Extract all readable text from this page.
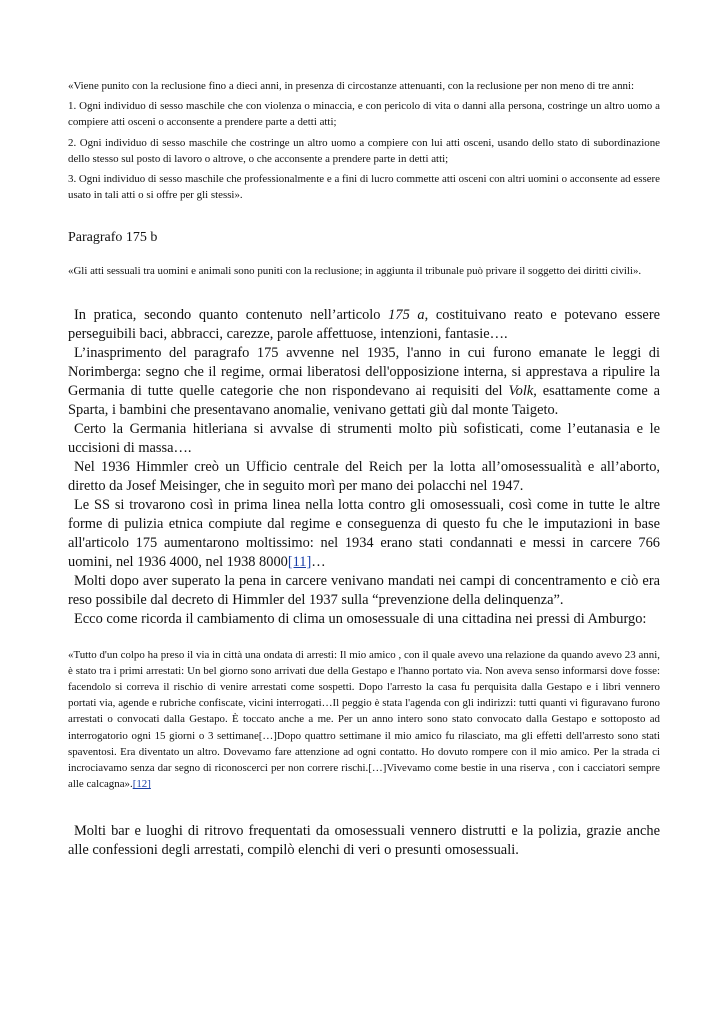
«Viene punito con la reclusione fino a dieci anni, in presenza di circostanze attenuanti, con la reclusione per non meno di tre anni:

1. Ogni individuo di sesso maschile che con violenza o minaccia, e con pericolo di vita o danni alla persona, costringe un altro uomo a compiere atti osceni o acconsente a prendere parte a detti atti;

2. Ogni individuo di sesso maschile che costringe un altro uomo a compiere con lui atti osceni, usando dello stato di subordinazione dello stesso sul posto di lavoro o altrove, o che acconsente a prendere parte in detti atti;

3. Ogni individuo di sesso maschile che professionalmente e a fini di lucro commette atti osceni con altri uomini o acconsente ad essere usato in tali atti o si offre per gli stessi».

Paragrafo 175 b

«Gli atti sessuali tra uomini e animali sono puniti con la reclusione; in aggiunta il tribunale può privare il soggetto dei diritti civili».

In pratica, secondo quanto contenuto nell’articolo 175 a, costituivano reato e potevano essere perseguibili baci, abbracci, carezze, parole affettuose, intenzioni, fantasie….

L’inasprimento del paragrafo 175 avvenne nel 1935, l'anno in cui furono emanate le leggi di Norimberga: segno che il regime, ormai liberatosi dell'opposizione interna, si apprestava a ripulire la Germania di tutte quelle categorie che non rispondevano ai requisiti del Volk, esattamente come a Sparta, i bambini che presentavano anomalie, venivano gettati giù dal monte Taigeto.

Certo la Germania hitleriana si avvalse di strumenti molto più sofisticati, come l’eutanasia e le uccisioni di massa….

Nel 1936 Himmler creò un Ufficio centrale del Reich per la lotta all’omosessualità e all’aborto, diretto da Josef Meisinger, che in seguito morì per mano dei polacchi nel 1947.

Le SS si trovarono così in prima linea nella lotta contro gli omosessuali, così come in tutte le altre forme di pulizia etnica compiute dal regime e conseguenza di questo fu che le imputazioni in base all'articolo 175 aumentarono moltissimo: nel 1934 erano stati condannati e messi in carcere 766 uomini, nel 1936 4000, nel 1938 8000[11]…

Molti dopo aver superato la pena in carcere venivano mandati nei campi di concentramento e ciò era reso possibile dal decreto di Himmler del 1937 sulla “prevenzione della delinquenza”.

Ecco come ricorda il cambiamento di clima un omosessuale di una cittadina nei pressi di Amburgo:

«Tutto d'un colpo ha preso il via in città una ondata di arresti: Il mio amico , con il quale avevo una relazione da quando avevo 23 anni, è stato tra i primi arrestati: Un bel giorno sono arrivati due della Gestapo e l'hanno portato via. Non aveva senso informarsi dove fosse: facendolo si correva il rischio di venire arrestati come sospetti. Dopo l'arresto la casa fu perquisita dalla Gestapo e i libri vennero portati via, agende e rubriche confiscate, vicini interrogati…Il peggio è stata l'agenda con gli indirizzi: tutti quanti vi figuravano furono arrestati o convocati dalla Gestapo. È toccato anche a me. Per un anno intero sono stato convocato dalla Gestapo e sottoposto ad interrogatorio ogni 15 giorni o 3 settimane[…]Dopo quattro settimane il mio amico fu rilasciato, ma gli effetti dell'arresto sono stati spaventosi. Era diventato un altro. Dovevamo fare attenzione ad ogni contatto. Ho dovuto rompere con il mio amico. Per la strada ci incrociavamo senza dar segno di riconoscerci per non correre rischi.[…]Vivevamo come bestie in una riserva , con i cacciatori sempre alle calcagna».[12]

Molti bar e luoghi di ritrovo frequentati da omosessuali vennero distrutti e la polizia, grazie anche alle confessioni degli arrestati, compilò elenchi di veri o presunti omosessuali.
